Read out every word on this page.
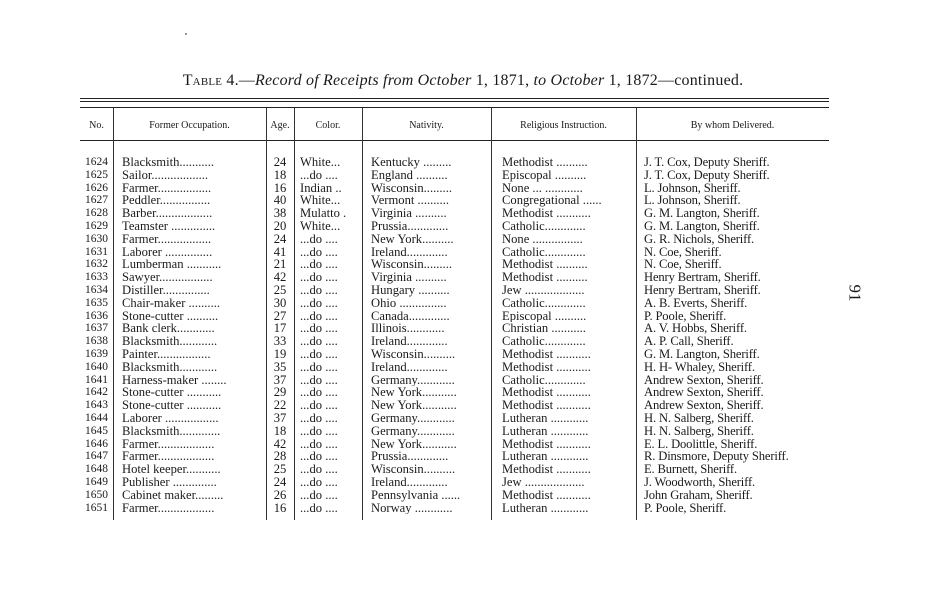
Table 4.—Record of Receipts from October 1, 1871, to October 1, 1872—continued.
No.	Former Occupation.	Age.	Color.	Nativity.	Religious Instruction.	By whom Delivered.
1624 Blacksmith...........	24 White...	Kentucky .........	Methodist ..........	J. T. Cox, Deputy Sheriff.
1625 Sailor..................	18 ...do ....	England ..........	Episcopal ..........	J. T. Cox, Deputy Sheriff.
1626 Farmer.................	16 Indian ..	Wisconsin.........	None ... ............	L. Johnson, Sheriff.
1627 Peddler................	40 White...	Vermont ..........	Congregational ......	L. Johnson, Sheriff.
1628 Barber..................	38 Mulatto .	Virginia ..........	Methodist ...........	G. M. Langton, Sheriff.
1629 Teamster ..............	20 White...	Prussia.............	Catholic.............	G. M. Langton, Sheriff.
1630 Farmer.................	24 ...do ....	New York..........	None ................	G. R. Nichols, Sheriff.
1631 Laborer ...............	41 ...do ....	Ireland.............	Catholic.............	N. Coe, Sheriff.
1632 Lumberman ...........	21 ...do ....	Wisconsin.........	Methodist ..........	N. Coe, Sheriff.
1633 Sawyer.................	42 ...do ....	Virginia ..........	Methodist ..........	Henry Bertram, Sheriff.
1634 Distiller...............	25 ...do ....	Hungary ..........	Jew ...................	Henry Bertram, Sheriff.
1635 Chair-maker ..........	30 ...do ....	Ohio ...............	Catholic.............	A. B. Everts, Sheriff.
1636 Stone-cutter ..........	27 ...do ....	Canada.............	Episcopal ..........	P. Poole, Sheriff.
1637 Bank clerk............	17 ...do ....	Illinois............	Christian ...........	A. V. Hobbs, Sheriff.
1638 Blacksmith............	33 ...do ....	Ireland.............	Catholic.............	A. P. Call, Sheriff.
1639 Painter.................	19 ...do ....	Wisconsin..........	Methodist ...........	G. M. Langton, Sheriff.
1640 Blacksmith............	35 ...do ....	Ireland.............	Methodist ...........	H. H- Whaley, Sheriff.
1641 Harness-maker ........	37 ...do ....	Germany............	Catholic.............	Andrew Sexton, Sheriff.
1642 Stone-cutter ...........	29 ...do ....	New York...........	Methodist ...........	Andrew Sexton, Sheriff.
1643 Stone-cutter ...........	22 ...do ....	New York...........	Methodist ...........	Andrew Sexton, Sheriff.
1644 Laborer .................	37 ...do ....	Germany............	Lutheran ............	H. N. Salberg, Sheriff.
1645 Blacksmith.............	18 ...do ....	Germany............	Lutheran ............	H. N. Salberg, Sheriff.
1646 Farmer..................	42 ...do ....	New York...........	Methodist ...........	E. L. Doolittle, Sheriff.
1647 Farmer..................	28 ...do ....	Prussia.............	Lutheran ............	R. Dinsmore, Deputy Sheriff.
1648 Hotel keeper...........	25 ...do ....	Wisconsin..........	Methodist ...........	E. Burnett, Sheriff.
1649 Publisher ..............	24 ...do ....	Ireland.............	Jew ...................	J. Woodworth, Sheriff.
1650 Cabinet maker.........	26 ...do ....	Pennsylvania ......	Methodist ...........	John Graham, Sheriff.
1651 Farmer..................	16 ...do ....	Norway ............	Lutheran ............	P. Poole, Sheriff.
91
